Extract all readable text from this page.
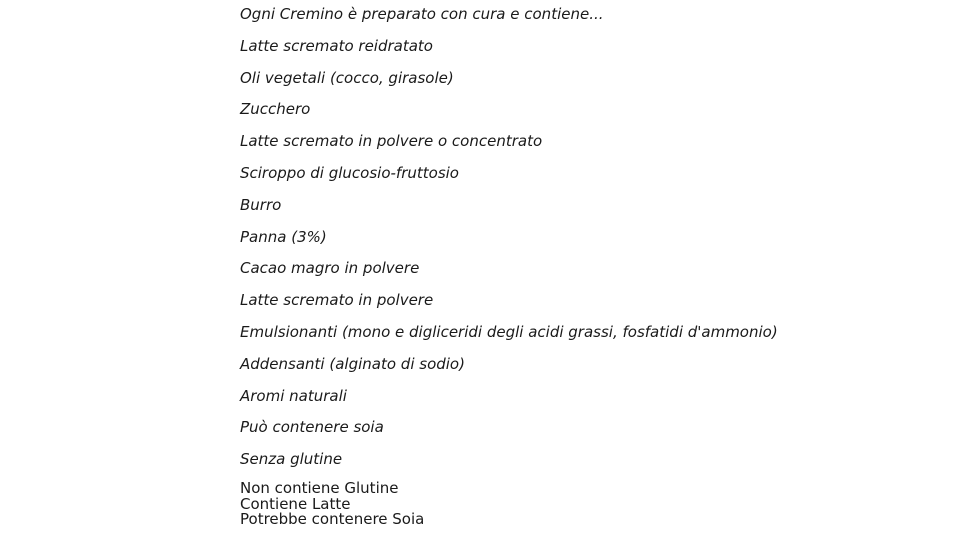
Ogni Cremino è preparato con cura e contiene...
Latte scremato reidratato
Oli vegetali (cocco, girasole)
Zucchero
Latte scremato in polvere o concentrato
Sciroppo di glucosio-fruttosio
Burro
Panna (3%)
Cacao magro in polvere
Latte scremato in polvere
Emulsionanti (mono e digliceridi degli acidi grassi, fosfatidi d'ammonio)
Addensanti (alginato di sodio)
Aromi naturali
Può contenere soia
Senza glutine
Non contiene Glutine
Contiene Latte
Potrebbe contenere Soia
